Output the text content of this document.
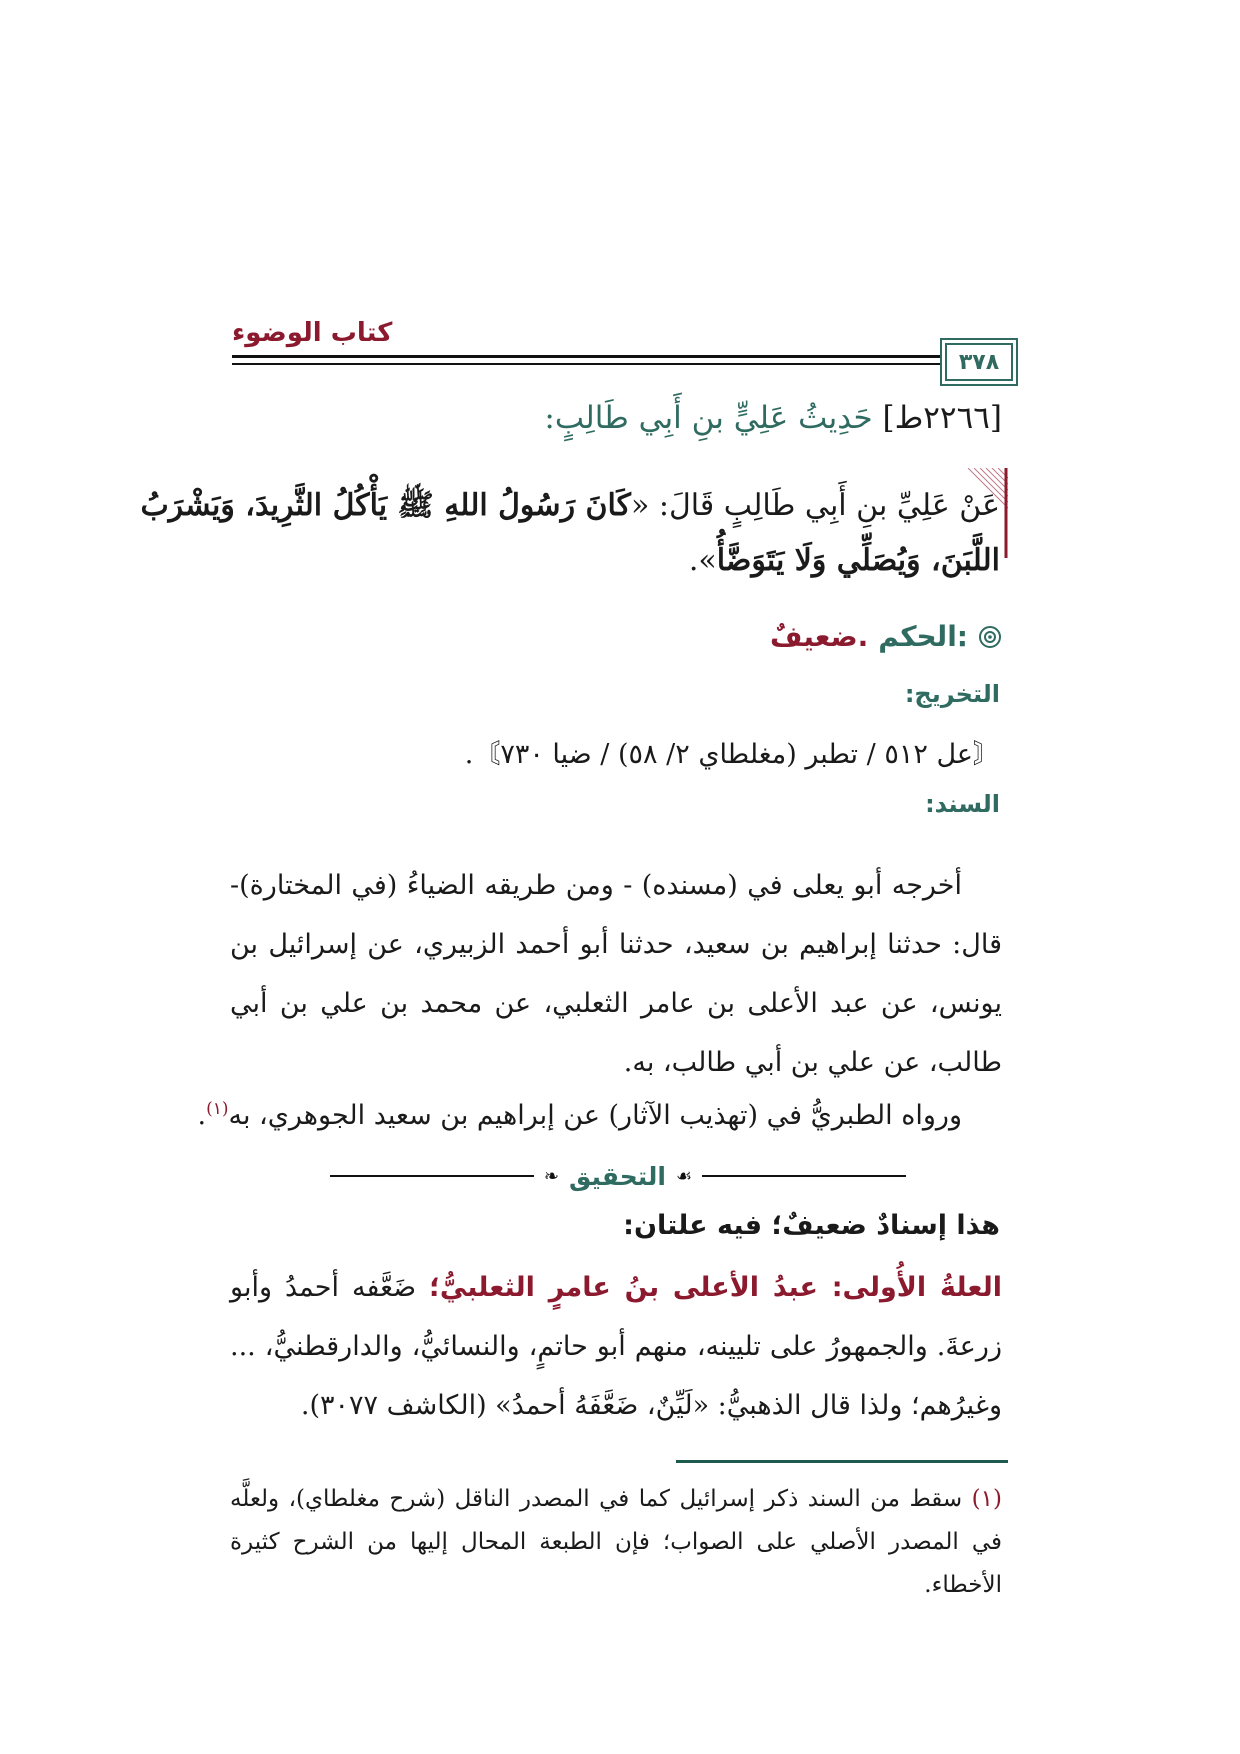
كتاب الوضوء
٣٧٨
[٢٢٦٦ط] حَدِيثُ عَلِيٍّ بنِ أَبِي طَالِبٍ:
عَنْ عَلِيِّ بنِ أَبِي طَالِبٍ قَالَ: «كَانَ رَسُولُ اللهِ ﷺ يَأْكُلُ الثَّرِيدَ، وَيَشْرَبُ
اللَّبَنَ، وَيُصَلِّي وَلَا يَتَوَضَّأُ».
الحكم:
ضعيفٌ.
التخريج:
〘عل ٥١٢ / تطبر (مغلطاي ٢/ ٥٨) / ضيا ٧٣٠〙.
السند:
أخرجه أبو يعلى في (مسنده) - ومن طريقه الضياءُ (في المختارة)- قال: حدثنا إبراهيم بن سعيد، حدثنا أبو أحمد الزبيري، عن إسرائيل بن يونس، عن عبد الأعلى بن عامر الثعلبي، عن محمد بن علي بن أبي طالب، عن علي بن أبي طالب، به.
ورواه الطبريُّ في (تهذيب الآثار) عن إبراهيم بن سعيد الجوهري، به$^{(١)}$.
❧ التحقيق ☙
هذا إسنادٌ ضعيفٌ؛ فيه علتان:
العلةُ الأُولى: عبدُ الأعلى بنُ عامرٍ الثعلبيُّ؛ ضَعَّفه أحمدُ وأبو زرعةَ. والجمهورُ على تليينه، منهم أبو حاتمٍ، والنسائيُّ، والدارقطنيُّ، ... وغيرُهم؛ ولذا قال الذهبيُّ: «لَيِّنٌ، ضَعَّفَهُ أحمدُ» (الكاشف ٣٠٧٧).
(١) سقط من السند ذكر إسرائيل كما في المصدر الناقل (شرح مغلطاي)، ولعلَّه في المصدر الأصلي على الصواب؛ فإن الطبعة المحال إليها من الشرح كثيرة الأخطاء.
